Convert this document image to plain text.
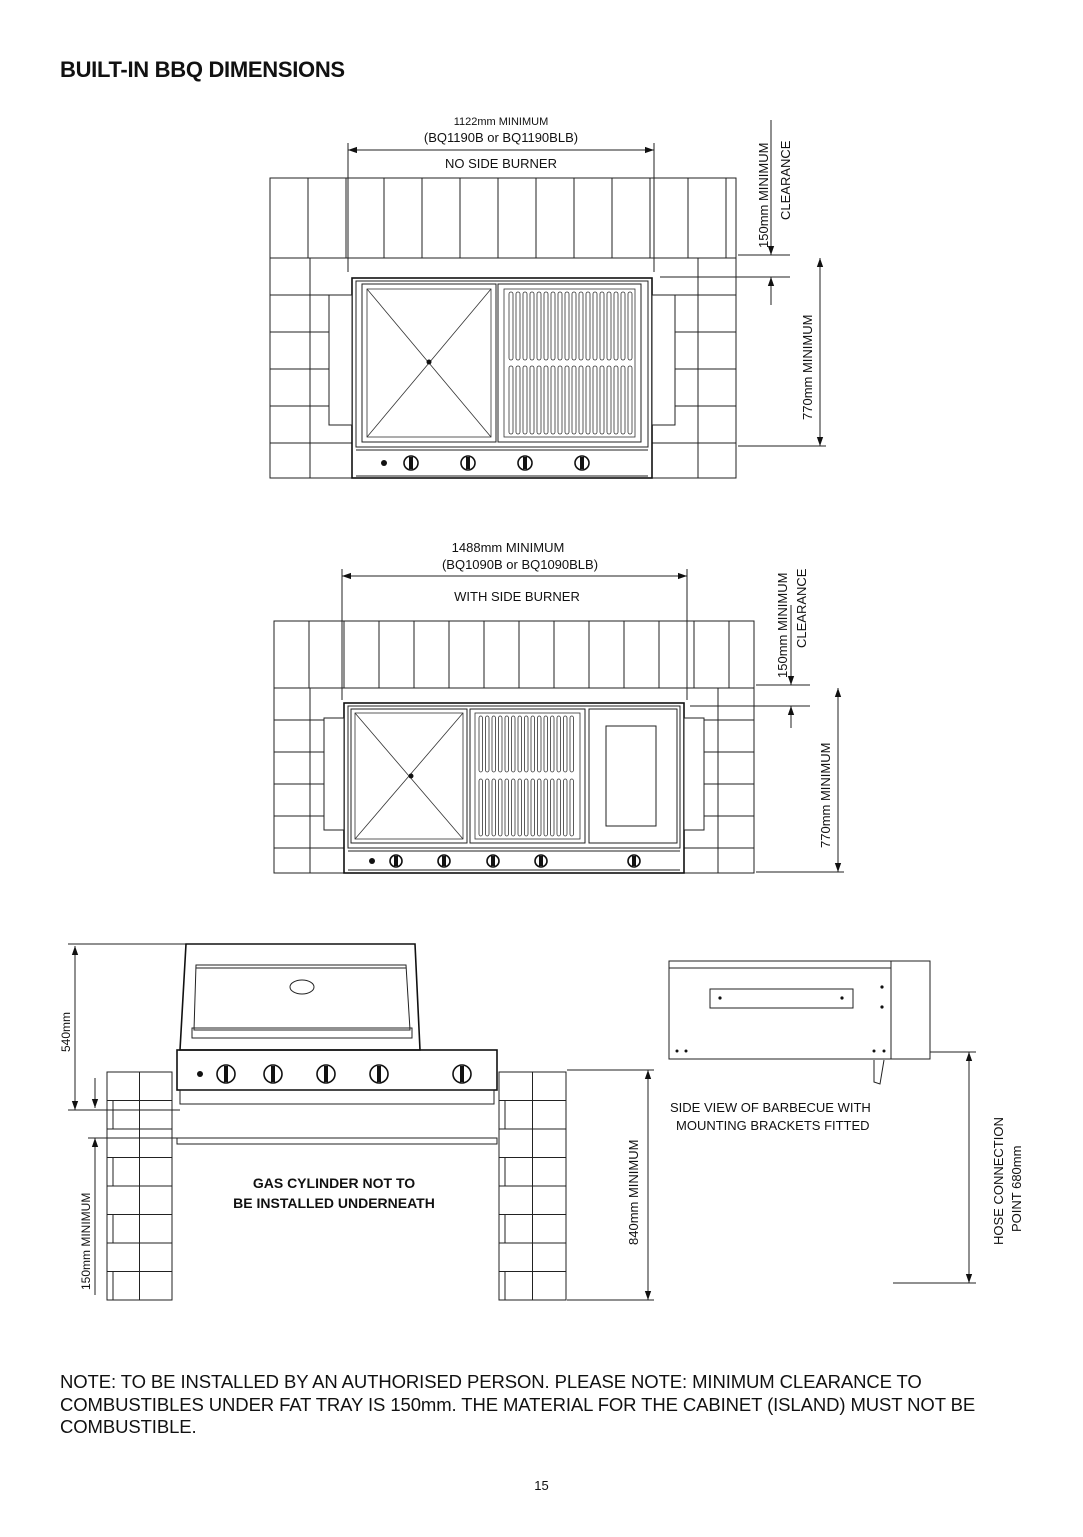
BUILT-IN BBQ DIMENSIONS
1122mm MINIMUM
(BQ1190B or BQ1190BLB)
NO SIDE BURNER	150mm MINIMUM CLEARANCE
770mm MINIMUM
1488mm MINIMUM
(BQ1090B or BQ1090BLB)
WITH SIDE BURNER	150mm MINIMUM CLEARANCE
770mm MINIMUM
540mm
150mm MINIMUM
GAS CYLINDER NOT TO
BE INSTALLED UNDERNEATH	840mm MINIMUM
SIDE VIEW OF BARBECUE WITH
MOUNTING BRACKETS FITTED	HOSE CONNECTION POINT 680mm
NOTE: TO BE INSTALLED BY AN AUTHORISED PERSON. PLEASE NOTE: MINIMUM CLEARANCE TO COMBUSTIBLES UNDER FAT TRAY IS 150mm. THE MATERIAL FOR THE CABINET (ISLAND) MUST NOT BE COMBUSTIBLE.
15
